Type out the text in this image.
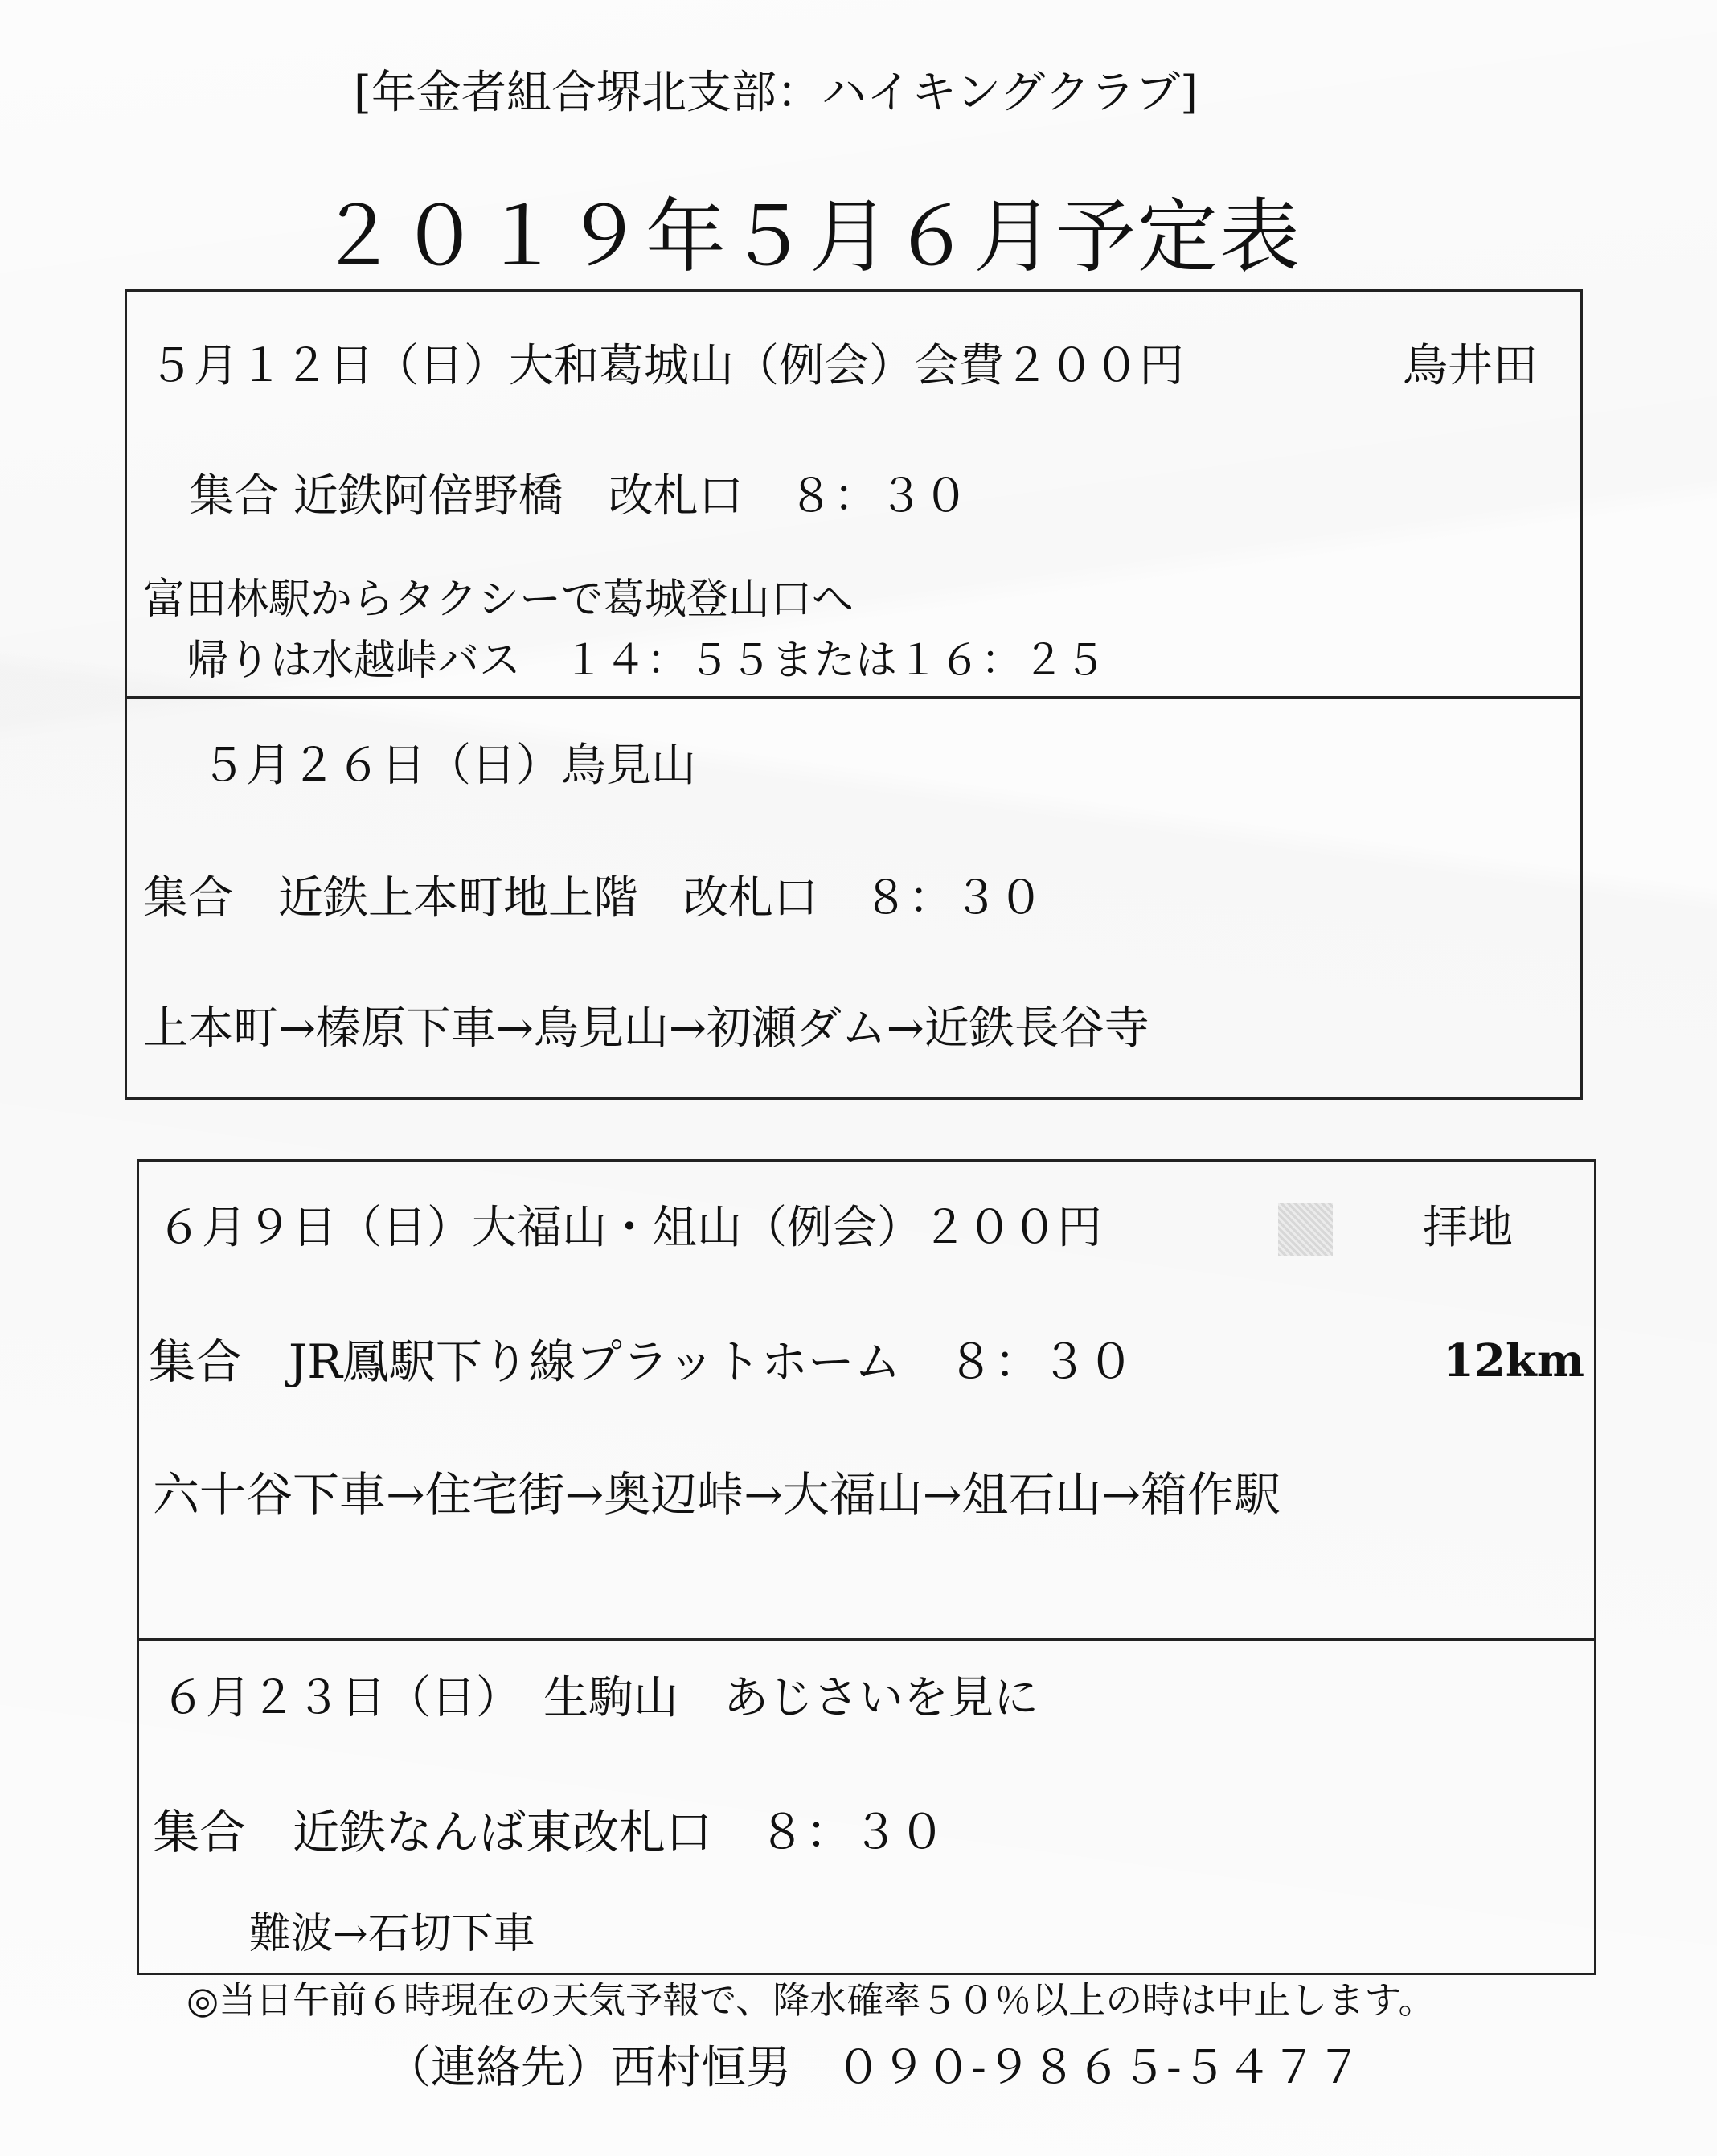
[年金者組合堺北支部：ハイキングクラブ]
２０１９年５月６月予定表
５月１２日（日）大和葛城山（例会）会費２００円	鳥井田
集合 近鉄阿倍野橋　改札口　８：３０
富田林駅からタクシーで葛城登山口へ
帰りは水越峠バス　１４：５５または１６：２５
５月２６日（日）鳥見山
集合　近鉄上本町地上階　改札口　８：３０
上本町→榛原下車→鳥見山→初瀬ダム→近鉄長谷寺
６月９日（日）大福山・俎山（例会）２００円	拝地
集合　JR鳳駅下り線プラットホーム　８：３０	12km
六十谷下車→住宅街→奥辺峠→大福山→俎石山→箱作駅
６月２３日（日）　生駒山　あじさいを見に
集合　近鉄なんば東改札口　８：３０
難波→石切下車
◎当日午前６時現在の天気予報で、降水確率５０％以上の時は中止します。
（連絡先）西村恒男　０９０-９８６５-５４７７
